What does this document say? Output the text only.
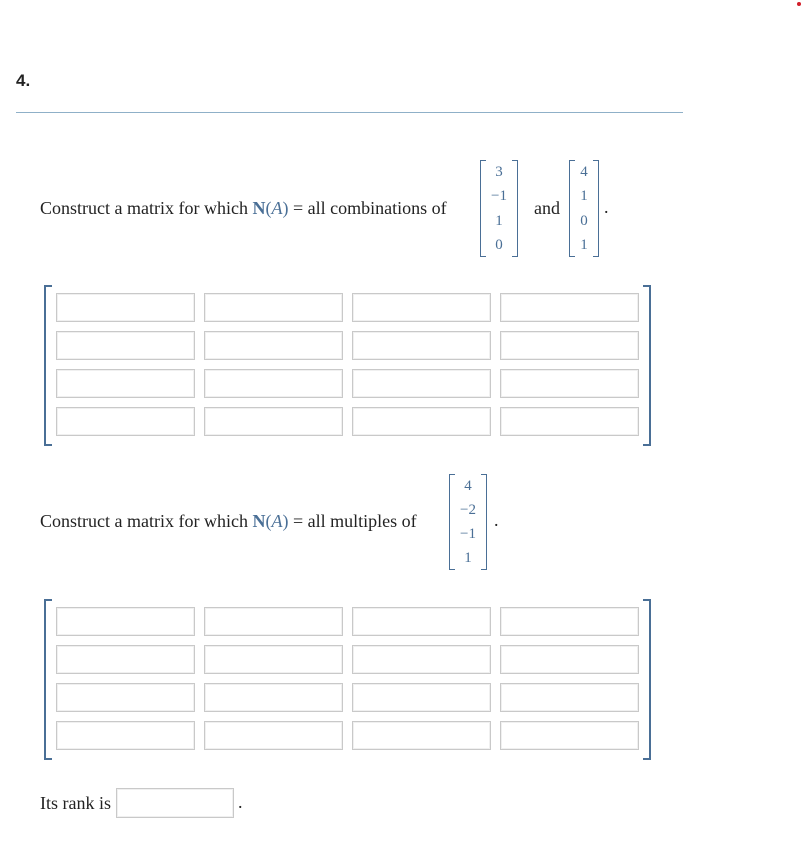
4.
Construct a matrix for which N(A) = all combinations of
3
−1
1
0
and
4
1
0
1
.
Construct a matrix for which N(A) = all multiples of
4
−2
−1
1
.
Its rank is	.
